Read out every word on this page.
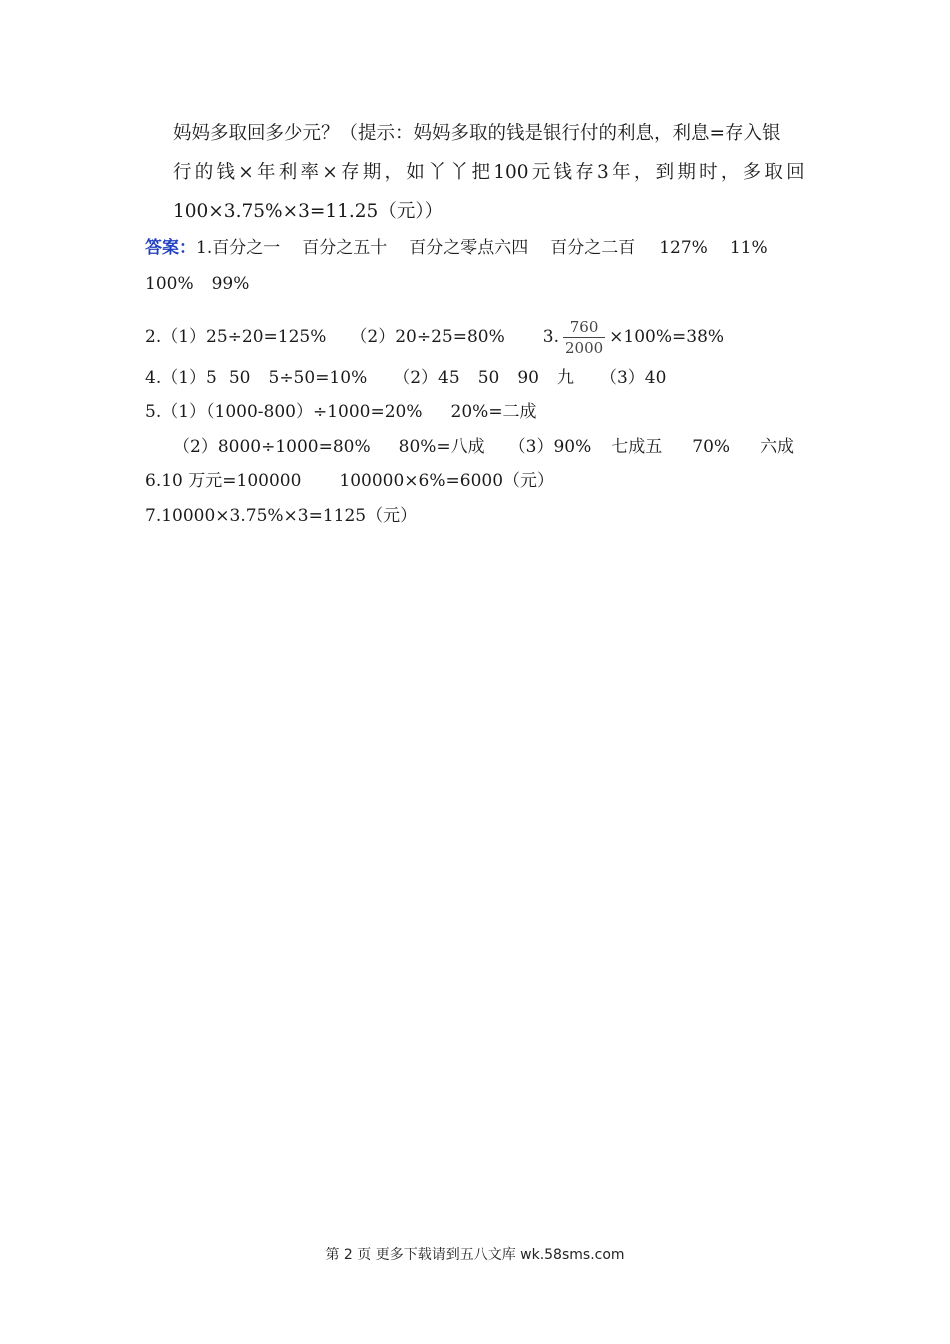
妈妈多取回多少元？（提示：妈妈多取的钱是银行付的利息，利息=存入银
行 的 钱 × 年 利 率 × 存 期 ， 如 丫 丫 把 100 元 钱 存 3 年 ， 到 期 时 ， 多 取 回
100×3.75%×3=11.25（元））
答案：1.百分之一 百分之五十 百分之零点六四 百分之二百 127% 11%
100% 99%
2.（1）25÷20=125% （2）20÷25=80% 3. $\frac{760}{2000} \times 100\%=38\%$
4.（1）5 50 5÷50=10% （2）45 50 90 九 （3）40
5.（1）（1000-800）÷1000=20% 20%=二成
（2）8000÷1000=80% 80%=八成 （3）90% 七成五 70% 六成
6.10 万元=100000 100000×6%=6000（元）
7.10000×3.75%×3=1125（元）
第 2 页 更多下载请到五八文库 wk.58sms.com
